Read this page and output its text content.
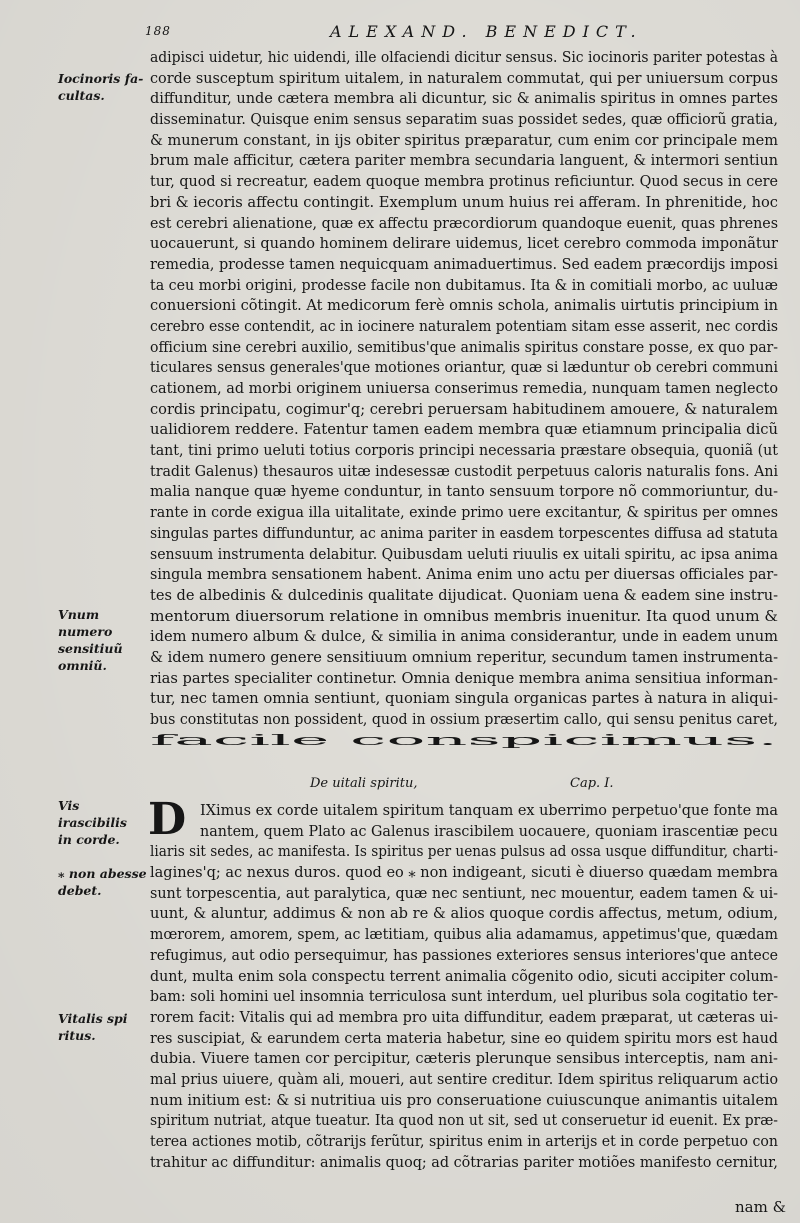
188	ALEXAND. BENEDICT.
Iocinoris fa-
cultas.
Vnum numero
sensitiuũ omniũ.
Vis irascibilis
in corde.
⁎ non abesse
debet.
Vitalis spi
ritus.
adipisci uidetur, hic uidendi, ille olfaciendi dicitur sensus. Sic iocinoris pariter potestas à
corde susceptum spiritum uitalem, in naturalem commutat, qui per uniuersum corpus
diffunditur, unde cætera membra ali dicuntur, sic & animalis spiritus in omnes partes
disseminatur. Quisque enim sensus separatim suas possidet sedes, quæ officiorũ gratia,
& munerum constant, in ijs obiter spiritus præparatur, cum enim cor principale mem
brum male afficitur, cætera pariter membra secundaria languent, & intermori sentiun
tur, quod si recreatur, eadem quoque membra protinus reficiuntur. Quod secus in cere
bri & iecoris affectu contingit. Exemplum unum huius rei afferam. In phrenitide, hoc
est cerebri alienatione, quæ ex affectu præcordiorum quandoque euenit, quas phrenes
uocauerunt, si quando hominem delirare uidemus, licet cerebro commoda imponãtur
remedia, prodesse tamen nequicquam animaduertimus. Sed eadem præcordijs imposi
ta ceu morbi origini, prodesse facile non dubitamus. Ita & in comitiali morbo, ac uuluæ
conuersioni cõtingit. At medicorum ferè omnis schola, animalis uirtutis principium in
cerebro esse contendit, ac in iocinere naturalem potentiam sitam esse asserit, nec cordis
officium sine cerebri auxilio, semitibus'que animalis spiritus constare posse, ex quo par-
ticulares sensus generales'que motiones oriantur, quæ si læduntur ob cerebri communi
cationem, ad morbi originem uniuersa conserimus remedia, nunquam tamen neglecto
cordis principatu, cogimur'q; cerebri peruersam habitudinem amouere, & naturalem
ualidiorem reddere. Fatentur tamen eadem membra quæ etiamnum principalia dicũ
tant, tini primo ueluti totius corporis principi necessaria præstare obsequia, quoniã (ut
tradit Galenus) thesauros uitæ indesessæ custodit perpetuus caloris naturalis fons. Ani
malia nanque quæ hyeme conduntur, in tanto sensuum torpore nõ commoriuntur, du-
rante in corde exigua illa uitalitate, exinde primo uere excitantur, & spiritus per omnes
singulas partes diffunduntur, ac anima pariter in easdem torpescentes diffusa ad statuta
sensuum instrumenta delabitur. Quibusdam ueluti riuulis ex uitali spiritu, ac ipsa anima
singula membra sensationem habent. Anima enim uno actu per diuersas officiales par-
tes de albedinis & dulcedinis qualitate dijudicat. Quoniam uena & eadem sine instru-
mentorum diuersorum relatione in omnibus membris inuenitur. Ita quod unum &
idem numero album & dulce, & similia in anima considerantur, unde in eadem unum
& idem numero genere sensitiuum omnium reperitur, secundum tamen instrumenta-
rias partes specialiter continetur. Omnia denique membra anima sensitiua informan-
tur, nec tamen omnia sentiunt, quoniam singula organicas partes à natura in aliqui-
bus constitutas non possident, quod in ossium præsertim callo, qui sensu penitus caret,
facile conspicimus.
De uitali spiritu,	Cap. I.
D IXimus ex corde uitalem spiritum tanquam ex uberrimo perpetuo'que fonte ma
nantem, quem Plato ac Galenus irascibilem uocauere, quoniam irascentiæ pecu
liaris sit sedes, ac manifesta. Is spiritus per uenas pulsus ad ossa usque diffunditur, charti-
lagines'q; ac nexus duros. quod eo ⁎ non indigeant, sicuti è diuerso quædam membra
sunt torpescentia, aut paralytica, quæ nec sentiunt, nec mouentur, eadem tamen & ui-
uunt, & aluntur, addimus & non ab re & alios quoque cordis affectus, metum, odium,
mœrorem, amorem, spem, ac lætitiam, quibus alia adamamus, appetimus'que, quædam
refugimus, aut odio persequimur, has passiones exteriores sensus interiores'que antece
dunt, multa enim sola conspectu terrent animalia cõgenito odio, sicuti accipiter colum-
bam: soli homini uel insomnia terriculosa sunt interdum, uel pluribus sola cogitatio ter-
rorem facit: Vitalis qui ad membra pro uita diffunditur, eadem præparat, ut cæteras ui-
res suscipiat, & earundem certa materia habetur, sine eo quidem spiritu mors est haud
dubia. Viuere tamen cor percipitur, cæteris plerunque sensibus interceptis, nam ani-
mal prius uiuere, quàm ali, moueri, aut sentire creditur. Idem spiritus reliquarum actio
num initium est: & si nutritiua uis pro conseruatione cuiuscunque animantis uitalem
spiritum nutriat, atque tueatur. Ita quod non ut sit, sed ut conseruetur id euenit. Ex præ-
terea actiones motib, cõtrarijs ferũtur, spiritus enim in arterijs et in corde perpetuo con
trahitur ac diffunditur: animalis quoq; ad cõtrarias pariter motiões manifesto cernitur,
nam &
